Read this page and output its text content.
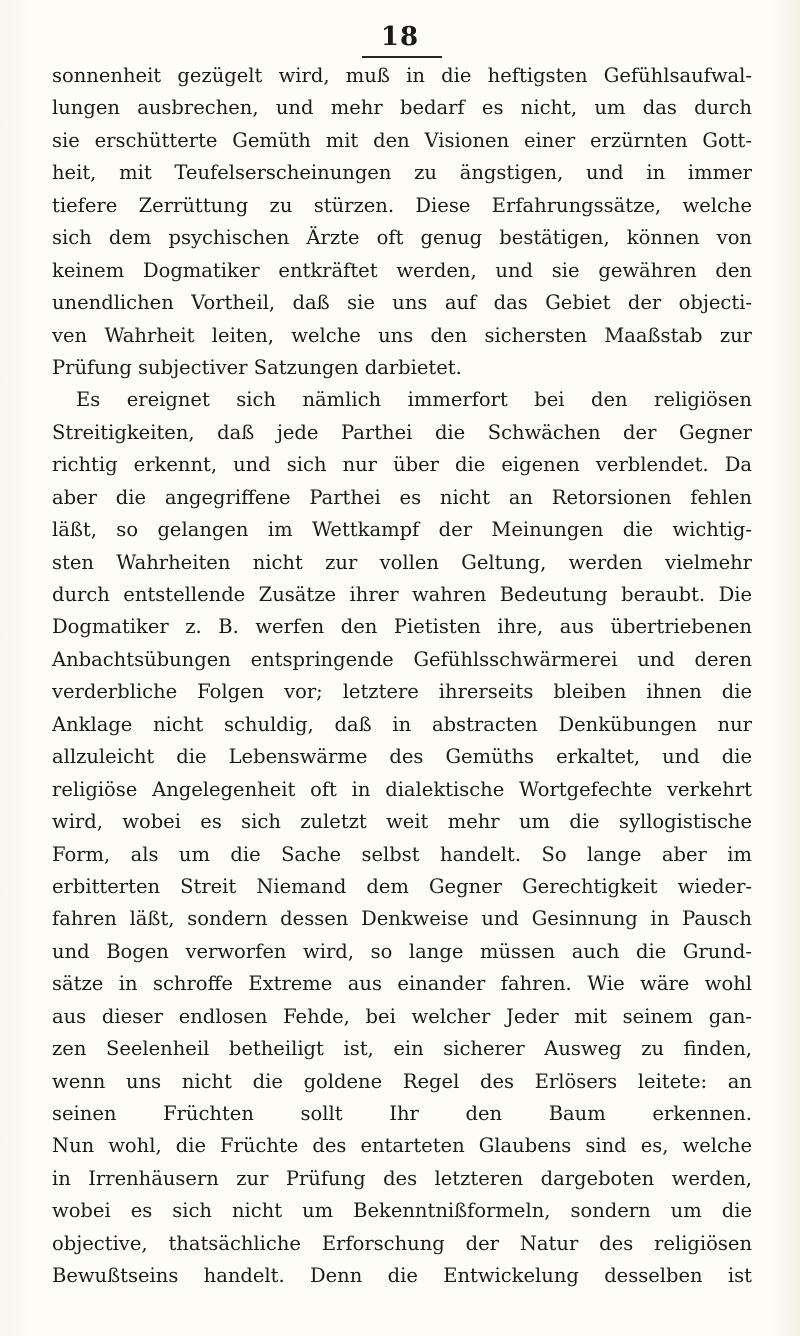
18
sonnenheit gezügelt wird, muß in die heftigsten Gefühlsaufwal-
lungen ausbrechen, und mehr bedarf es nicht, um das durch
sie erschütterte Gemüth mit den Visionen einer erzürnten Gott-
heit, mit Teufelserscheinungen zu ängstigen, und in immer
tiefere Zerrüttung zu stürzen. Diese Erfahrungssätze, welche
sich dem psychischen Ärzte oft genug bestätigen, können von
keinem Dogmatiker entkräftet werden, und sie gewähren den
unendlichen Vortheil, daß sie uns auf das Gebiet der objecti-
ven Wahrheit leiten, welche uns den sichersten Maaßstab zur
Prüfung subjectiver Satzungen darbietet.
Es ereignet sich nämlich immerfort bei den religiösen
Streitigkeiten, daß jede Parthei die Schwächen der Gegner
richtig erkennt, und sich nur über die eigenen verblendet. Da
aber die angegriffene Parthei es nicht an Retorsionen fehlen
läßt, so gelangen im Wettkampf der Meinungen die wichtig-
sten Wahrheiten nicht zur vollen Geltung, werden vielmehr
durch entstellende Zusätze ihrer wahren Bedeutung beraubt. Die
Dogmatiker z. B. werfen den Pietisten ihre, aus übertriebenen
Anbachtsübungen entspringende Gefühlsschwärmerei und deren
verderbliche Folgen vor; letztere ihrerseits bleiben ihnen die
Anklage nicht schuldig, daß in abstracten Denkübungen nur
allzuleicht die Lebenswärme des Gemüths erkaltet, und die
religiöse Angelegenheit oft in dialektische Wortgefechte verkehrt
wird, wobei es sich zuletzt weit mehr um die syllogistische
Form, als um die Sache selbst handelt. So lange aber im
erbitterten Streit Niemand dem Gegner Gerechtigkeit wieder-
fahren läßt, sondern dessen Denkweise und Gesinnung in Pausch
und Bogen verworfen wird, so lange müssen auch die Grund-
sätze in schroffe Extreme aus einander fahren. Wie wäre wohl
aus dieser endlosen Fehde, bei welcher Jeder mit seinem gan-
zen Seelenheil betheiligt ist, ein sicherer Ausweg zu finden,
wenn uns nicht die goldene Regel des Erlösers leitete: an
seinen Früchten sollt Ihr den Baum erkennen.
Nun wohl, die Früchte des entarteten Glaubens sind es, welche
in Irrenhäusern zur Prüfung des letzteren dargeboten werden,
wobei es sich nicht um Bekenntnißformeln, sondern um die
objective, thatsächliche Erforschung der Natur des religiösen
Bewußtseins handelt. Denn die Entwickelung desselben ist
